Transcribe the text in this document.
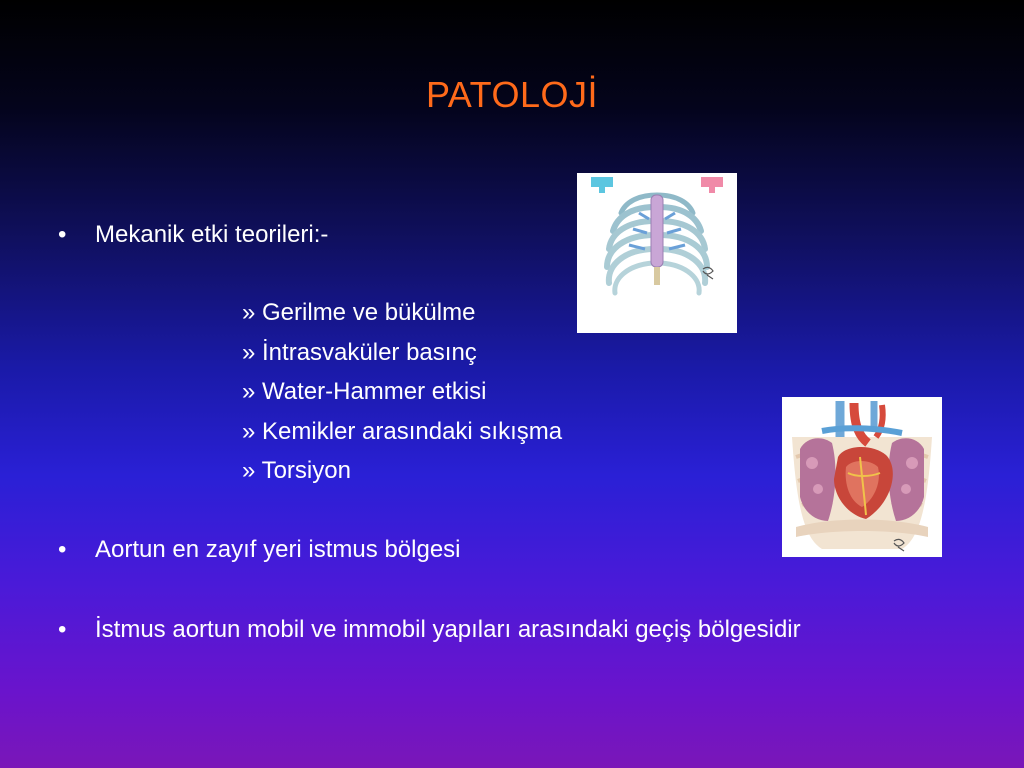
PATOLOJİ
• Mekanik etki teorileri:-
» Gerilme ve bükülme
» İntrasvaküler basınç
» Water-Hammer etkisi
» Kemikler arasındaki sıkışma
» Torsiyon
• Aortun en zayıf yeri istmus bölgesi
• İstmus aortun mobil ve immobil yapıları arasındaki geçiş bölgesidir
